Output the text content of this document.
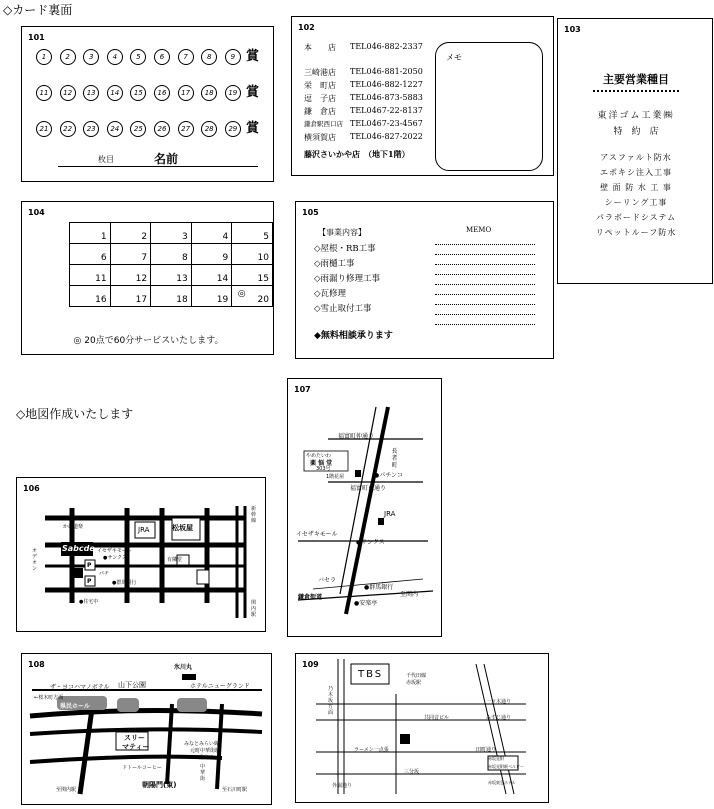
◇カード裏面
◇地図作成いたします
101
1	2	3	4	5	6	7	8	9
11	12	13	14	15	16	17	18	19
21	22	23	24	25	26	27	28	29
賞
賞
賞
枚目	名前
102
本　　店 TEL046-882-2337
三崎港店 TEL046-881-2050
栄　町店 TEL046-882-1227
逗　子店 TEL046-873-5883
鎌　倉店 TEL0467-22-8137
鎌倉駅西口店 TEL0467-23-4567
横須賀店 TEL046-827-2022
藤沢さいかや店　（地下1階）
メモ
103
主要営業種目
東洋ゴム工業㈱
特　約　店
アスファルト防水
エポキシ注入工事
壁 面 防 水 工 事
シーリング工事
パラボードシステム
リペットルーフ防水
104
1	2	3	4	5
6	7	8	9	10
11	12	13	14	15
16	17	18	19	◎20
◎ 20点で60分サービスいたします。
105
【事業内容】	MEMO
◇屋根・RB工事
◇雨樋工事
◇雨漏り修理工事
◇瓦修理
◇雪止取付工事
◆無料相談承ります
107
福富町仲通り
やめたいわ
薬 悩 堂
303号
1階花屋	●パチンコ
福富町東通り
長者町
JRA
イセザキモール
●サンクス
バセラ
●群馬銀行
鎌倉街道
●安楽亭
至関内
106
かに道楽	JRA	松坂屋
Sabcde イセザキモール
●サンクス	有隣堂
P
P
パチ
●群馬銀行
●住宅中
オデオン
新幹線
関内駅
108	氷川丸
ザ・ヨコハマノボテル 山下公園	ホテルニューグランド
←桜木町方面
県民ホール
スリー
マティー	みなとみらい線
元町中華街駅
①番出口
ドトールコーヒー
朝陽門(東)
至関内駅	至石川町駅
中華街
109
TBS	千代田線
赤坂駅
一ツ木通り
みすじ通り
共同音ビル
田町通り
ラーメン一点張
三分坂
外堀通り
乃木坂方面
赤坂見附
赤坂見附駅ベルビー
赤坂東急ホテル
